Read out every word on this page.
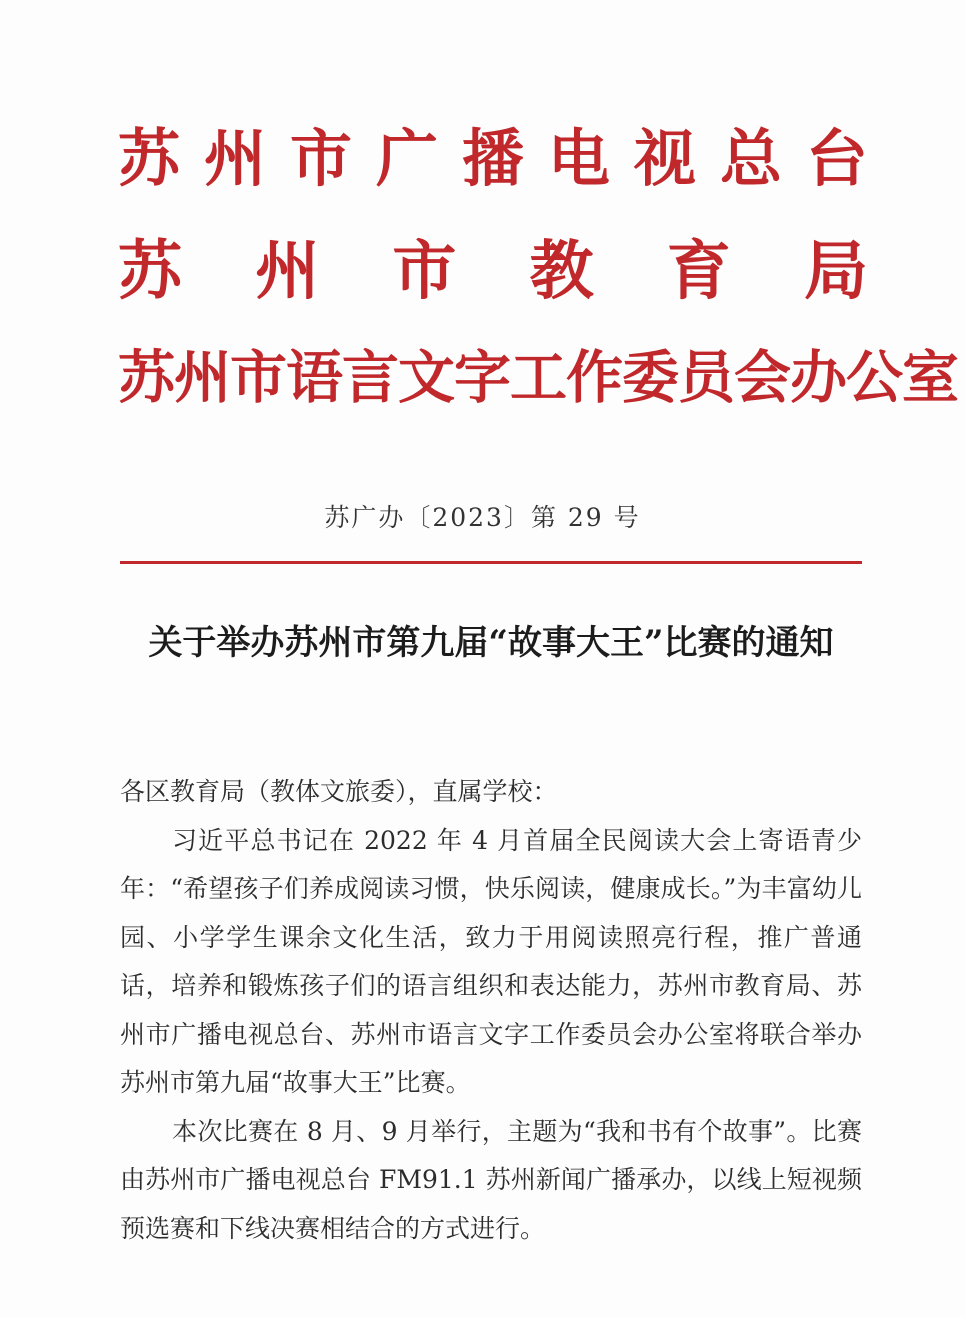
苏 州 市 广 播 电 视 总 台
苏 州 市 教 育 局
苏州市语言文字工作委员会办公室
苏广办〔2023〕第 29 号
关于举办苏州市第九届“故事大王”比赛的通知

各区教育局（教体文旅委），直属学校：

习近平总书记在 2022 年 4 月首届全民阅读大会上寄语青少年：“希望孩子们养成阅读习惯，快乐阅读，健康成长。”为丰富幼儿园、小学学生课余文化生活，致力于用阅读照亮行程，推广普通话，培养和锻炼孩子们的语言组织和表达能力，苏州市教育局、苏州市广播电视总台、苏州市语言文字工作委员会办公室将联合举办苏州市第九届“故事大王”比赛。

本次比赛在 8 月、9 月举行，主题为“我和书有个故事”。比赛由苏州市广播电视总台 FM91.1 苏州新闻广播承办，以线上短视频预选赛和下线决赛相结合的方式进行。
